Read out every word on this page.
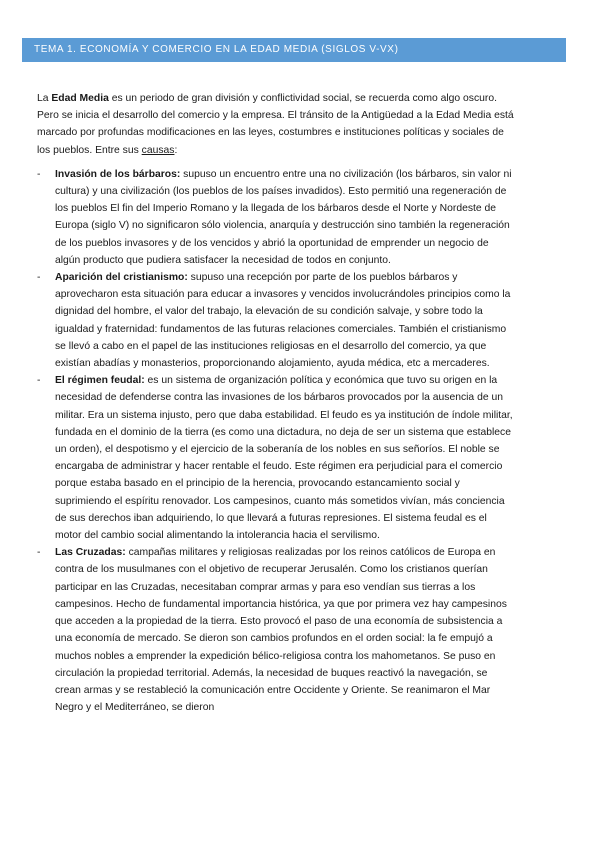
TEMA 1. ECONOMÍA Y COMERCIO EN LA EDAD MEDIA (SIGLOS V-VX)

La Edad Media es un periodo de gran división y conflictividad social, se recuerda como algo oscuro. Pero se inicia el desarrollo del comercio y la empresa. El tránsito de la Antigüedad a la Edad Media está marcado por profundas modificaciones en las leyes, costumbres e instituciones políticas y sociales de los pueblos. Entre sus causas:

- Invasión de los bárbaros: supuso un encuentro entre una no civilización (los bárbaros, sin valor ni cultura) y una civilización (los pueblos de los países invadidos). Esto permitió una regeneración de los pueblos El fin del Imperio Romano y la llegada de los bárbaros desde el Norte y Nordeste de Europa (siglo V) no significaron sólo violencia, anarquía y destrucción sino también la regeneración de los pueblos invasores y de los vencidos y abrió la oportunidad de emprender un negocio de algún producto que pudiera satisfacer la necesidad de todos en conjunto.

- Aparición del cristianismo: supuso una recepción por parte de los pueblos bárbaros y aprovecharon esta situación para educar a invasores y vencidos involucrándoles principios como la dignidad del hombre, el valor del trabajo, la elevación de su condición salvaje, y sobre todo la igualdad y fraternidad: fundamentos de las futuras relaciones comerciales. También el cristianismo se llevó a cabo en el papel de las instituciones religiosas en el desarrollo del comercio, ya que existían abadías y monasterios, proporcionando alojamiento, ayuda médica, etc a mercaderes.

- El régimen feudal: es un sistema de organización política y económica que tuvo su origen en la necesidad de defenderse contra las invasiones de los bárbaros provocados por la ausencia de un militar. Era un sistema injusto, pero que daba estabilidad. El feudo es ya institución de índole militar, fundada en el dominio de la tierra (es como una dictadura, no deja de ser un sistema que establece un orden), el despotismo y el ejercicio de la soberanía de los nobles en sus señoríos. El noble se encargaba de administrar y hacer rentable el feudo. Este régimen era perjudicial para el comercio porque estaba basado en el principio de la herencia, provocando estancamiento social y suprimiendo el espíritu renovador. Los campesinos, cuanto más sometidos vivían, más conciencia de sus derechos iban adquiriendo, lo que llevará a futuras represiones. El sistema feudal es el motor del cambio social alimentando la intolerancia hacia el servilismo.

- Las Cruzadas: campañas militares y religiosas realizadas por los reinos católicos de Europa en contra de los musulmanes con el objetivo de recuperar Jerusalén. Como los cristianos querían participar en las Cruzadas, necesitaban comprar armas y para eso vendían sus tierras a los campesinos. Hecho de fundamental importancia histórica, ya que por primera vez hay campesinos que acceden a la propiedad de la tierra. Esto provocó el paso de una economía de subsistencia a una economía de mercado. Se dieron son cambios profundos en el orden social: la fe empujó a muchos nobles a emprender la expedición bélico-religiosa contra los mahometanos. Se puso en circulación la propiedad territorial. Además, la necesidad de buques reactivó la navegación, se crean armas y se restableció la comunicación entre Occidente y Oriente. Se reanimaron el Mar Negro y el Mediterráneo, se dieron
